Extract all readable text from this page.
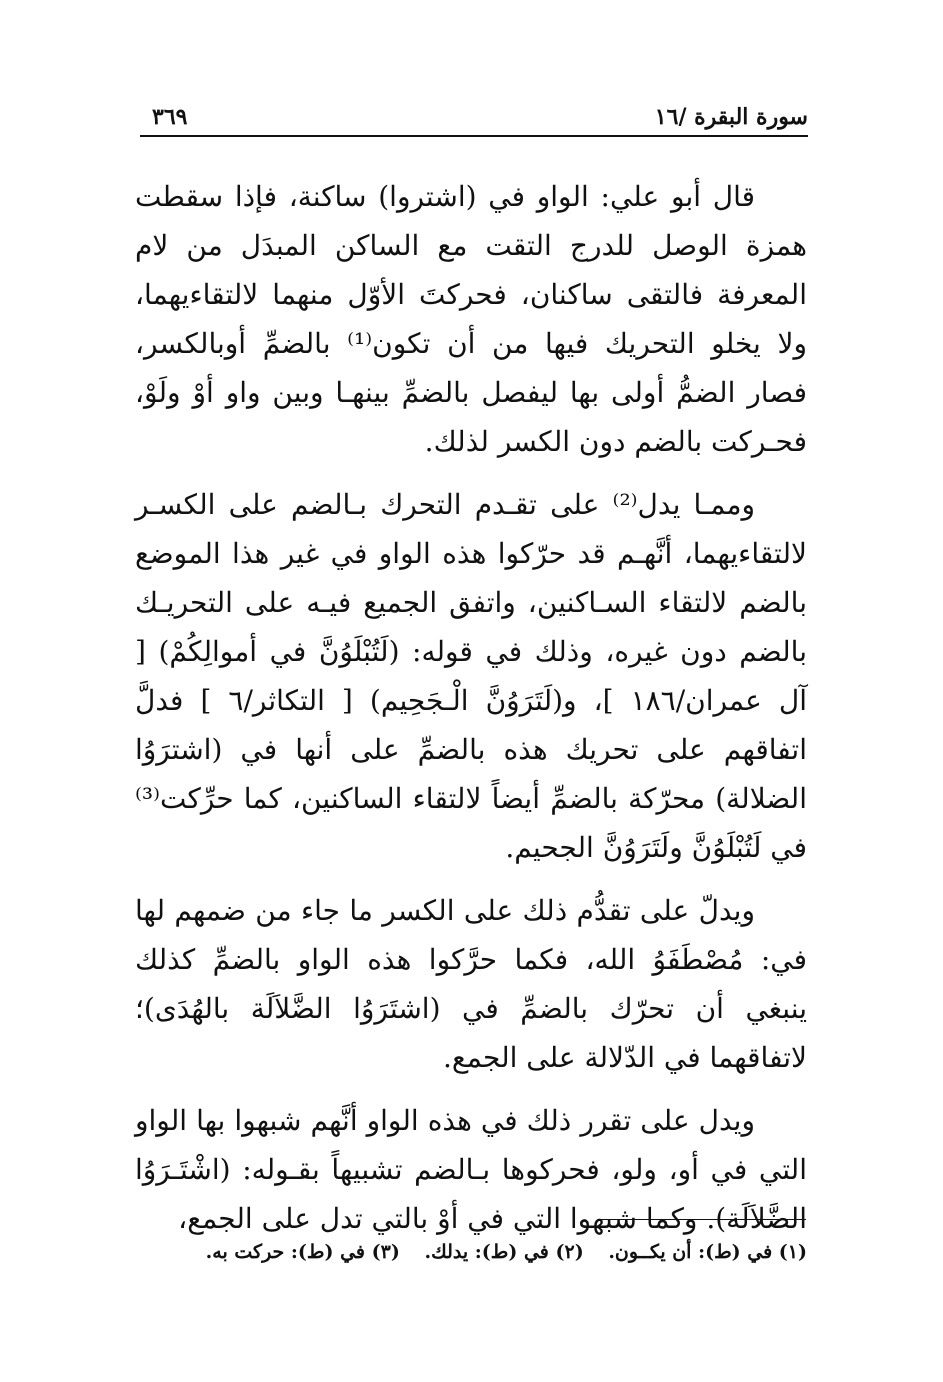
سورة البقرة /١٦
٣٦٩

قال أبو علي: الواو في (اشتروا) ساكنة، فإذا سقطت همزة الوصل للدرج التقت مع الساكن المبدَل من لام المعرفة فالتقى ساكنان، فحركتَ الأوّل منهما لالتقاءيهما، ولا يخلو التحريك فيها من أن تكون⁽¹⁾ بالضمِّ أوبالكسر، فصار الضمُّ أولى بها ليفصل بالضمِّ بينهـا وبين واو أوْ ولَوْ، فحـركت بالضم دون الكسر لذلك.

وممـا يدل⁽²⁾ على تقـدم التحرك بـالضم على الكسـر لالتقاءيهما، أنَّهـم قد حرّكوا هذه الواو في غير هذا الموضع بالضم لالتقاء السـاكنين، واتفق الجميع فيـه على التحريـك بالضم دون غيره، وذلك في قوله: (لَتُبْلَوُنَّ في أموالِكُمْ) [ آل عمران/١٨٦ ]، و(لَتَرَوُنَّ الْـجَحِيم) [ التكاثر/٦ ] فدلَّ اتفاقهم على تحريك هذه بالضمِّ على أنها في (اشترَوُا الضلالة) محرّكة بالضمِّ أيضاً لالتقاء الساكنين، كما حرِّكت⁽³⁾ في لَتُبْلَوُنَّ ولَتَرَوُنَّ الجحيم.

ويدلّ على تقدُّم ذلك على الكسر ما جاء من ضمهم لها في: مُصْطَفَوُ الله، فكما حرَّكوا هذه الواو بالضمِّ كذلك ينبغي أن تحرّك بالضمِّ في (اشتَرَوُا الضَّلاَلَة بالهُدَى)؛ لاتفاقهما في الدّلالة على الجمع.

ويدل على تقرر ذلك في هذه الواو أنَّهم شبهوا بها الواو التي في أو، ولو، فحركوها بـالضم تشبيهاً بقـوله: (اشْتَـرَوُا الضَّلاَلَة). وكما شبهوا التي في أوْ بالتي تدل على الجمع،

(١) في (ط): أن يكــون. (٢) في (ط): يدلك. (٣) في (ط): حركت به.
